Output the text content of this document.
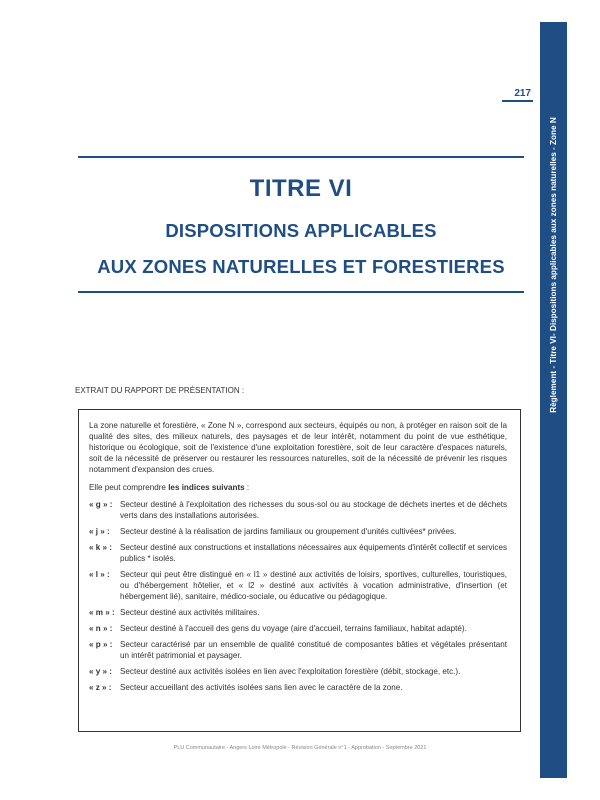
Règlement - Titre VI- Dispositions applicables aux zones naturelles - Zone N
217
TITRE VI
DISPOSITIONS APPLICABLES
AUX ZONES NATURELLES ET FORESTIERES
EXTRAIT DU RAPPORT DE PRÉSENTATION :

La zone naturelle et forestière, « Zone N », correspond aux secteurs, équipés ou non, à protéger en raison soit de la qualité des sites, des milieux naturels, des paysages et de leur intérêt, notamment du point de vue esthétique, historique ou écologique, soit de l'existence d'une exploitation forestière, soit de leur caractère d'espaces naturels, soit de la nécessité de préserver ou restaurer les ressources naturelles, soit de la nécessité de prévenir les risques notamment d'expansion des crues.

Elle peut comprendre les indices suivants :

« g » : Secteur destiné à l'exploitation des richesses du sous-sol ou au stockage de déchets inertes et de déchets verts dans des installations autorisées.
« j » :	Secteur destiné à la réalisation de jardins familiaux ou groupement d'unités cultivées* privées.
« k » : Secteur destiné aux constructions et installations nécessaires aux équipements d'intérêt collectif et services publics * isolés.
« l » :	Secteur qui peut être distingué en « l1 » destiné aux activités de loisirs, sportives, culturelles, touristiques, ou d'hébergement hôtelier, et « l2 » destiné aux activités à vocation administrative, d'insertion (et hébergement lié), sanitaire, médico-sociale, ou éducative ou pédagogique.
« m » : Secteur destiné aux activités militaires.
« n » : Secteur destiné à l'accueil des gens du voyage (aire d'accueil, terrains familiaux, habitat adapté).
« p » : Secteur caractérisé par un ensemble de qualité constitué de composantes bâties et végétales présentant un intérêt patrimonial et paysager.
« y » : Secteur destiné aux activités isolées en lien avec l'exploitation forestière (débit, stockage, etc.).
« z » :	Secteur accueillant des activités isolées sans lien avec le caractère de la zone.
PLU Communautaire - Angers Loire Métropole - Révision Générale n°1 - Approbation - Septembre 2021
